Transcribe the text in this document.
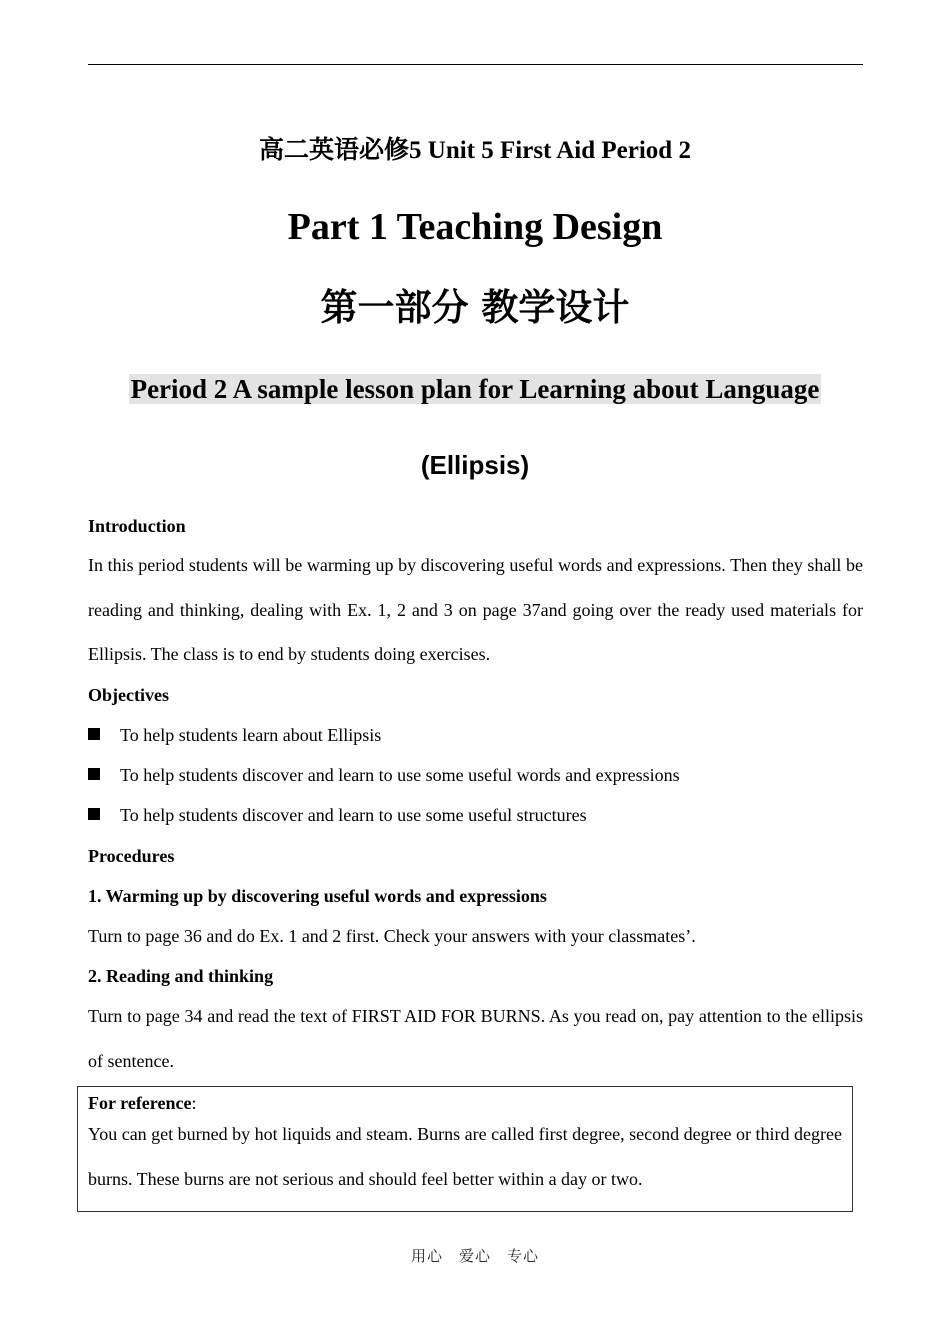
高二英语必修5 Unit 5 First Aid Period 2
Part 1 Teaching Design
第一部分 教学设计
Period 2 A sample lesson plan for Learning about Language
(Ellipsis)
Introduction
In this period students will be warming up by discovering useful words and expressions. Then they shall be reading and thinking, dealing with Ex. 1, 2 and 3 on page 37and going over the ready used materials for Ellipsis. The class is to end by students doing exercises.
Objectives
To help students learn about Ellipsis
To help students discover and learn to use some useful words and expressions
To help students discover and learn to use some useful structures
Procedures
1. Warming up by discovering useful words and expressions
Turn to page 36 and do Ex. 1 and 2 first. Check your answers with your classmates’.
2. Reading and thinking
Turn to page 34 and read the text of FIRST AID FOR BURNS. As you read on, pay attention to the ellipsis of sentence.
For reference:
You can get burned by hot liquids and steam. Burns are called first degree, second degree or third degree burns. These burns are not serious and should feel better within a day or two.
用心　爱心　专心
